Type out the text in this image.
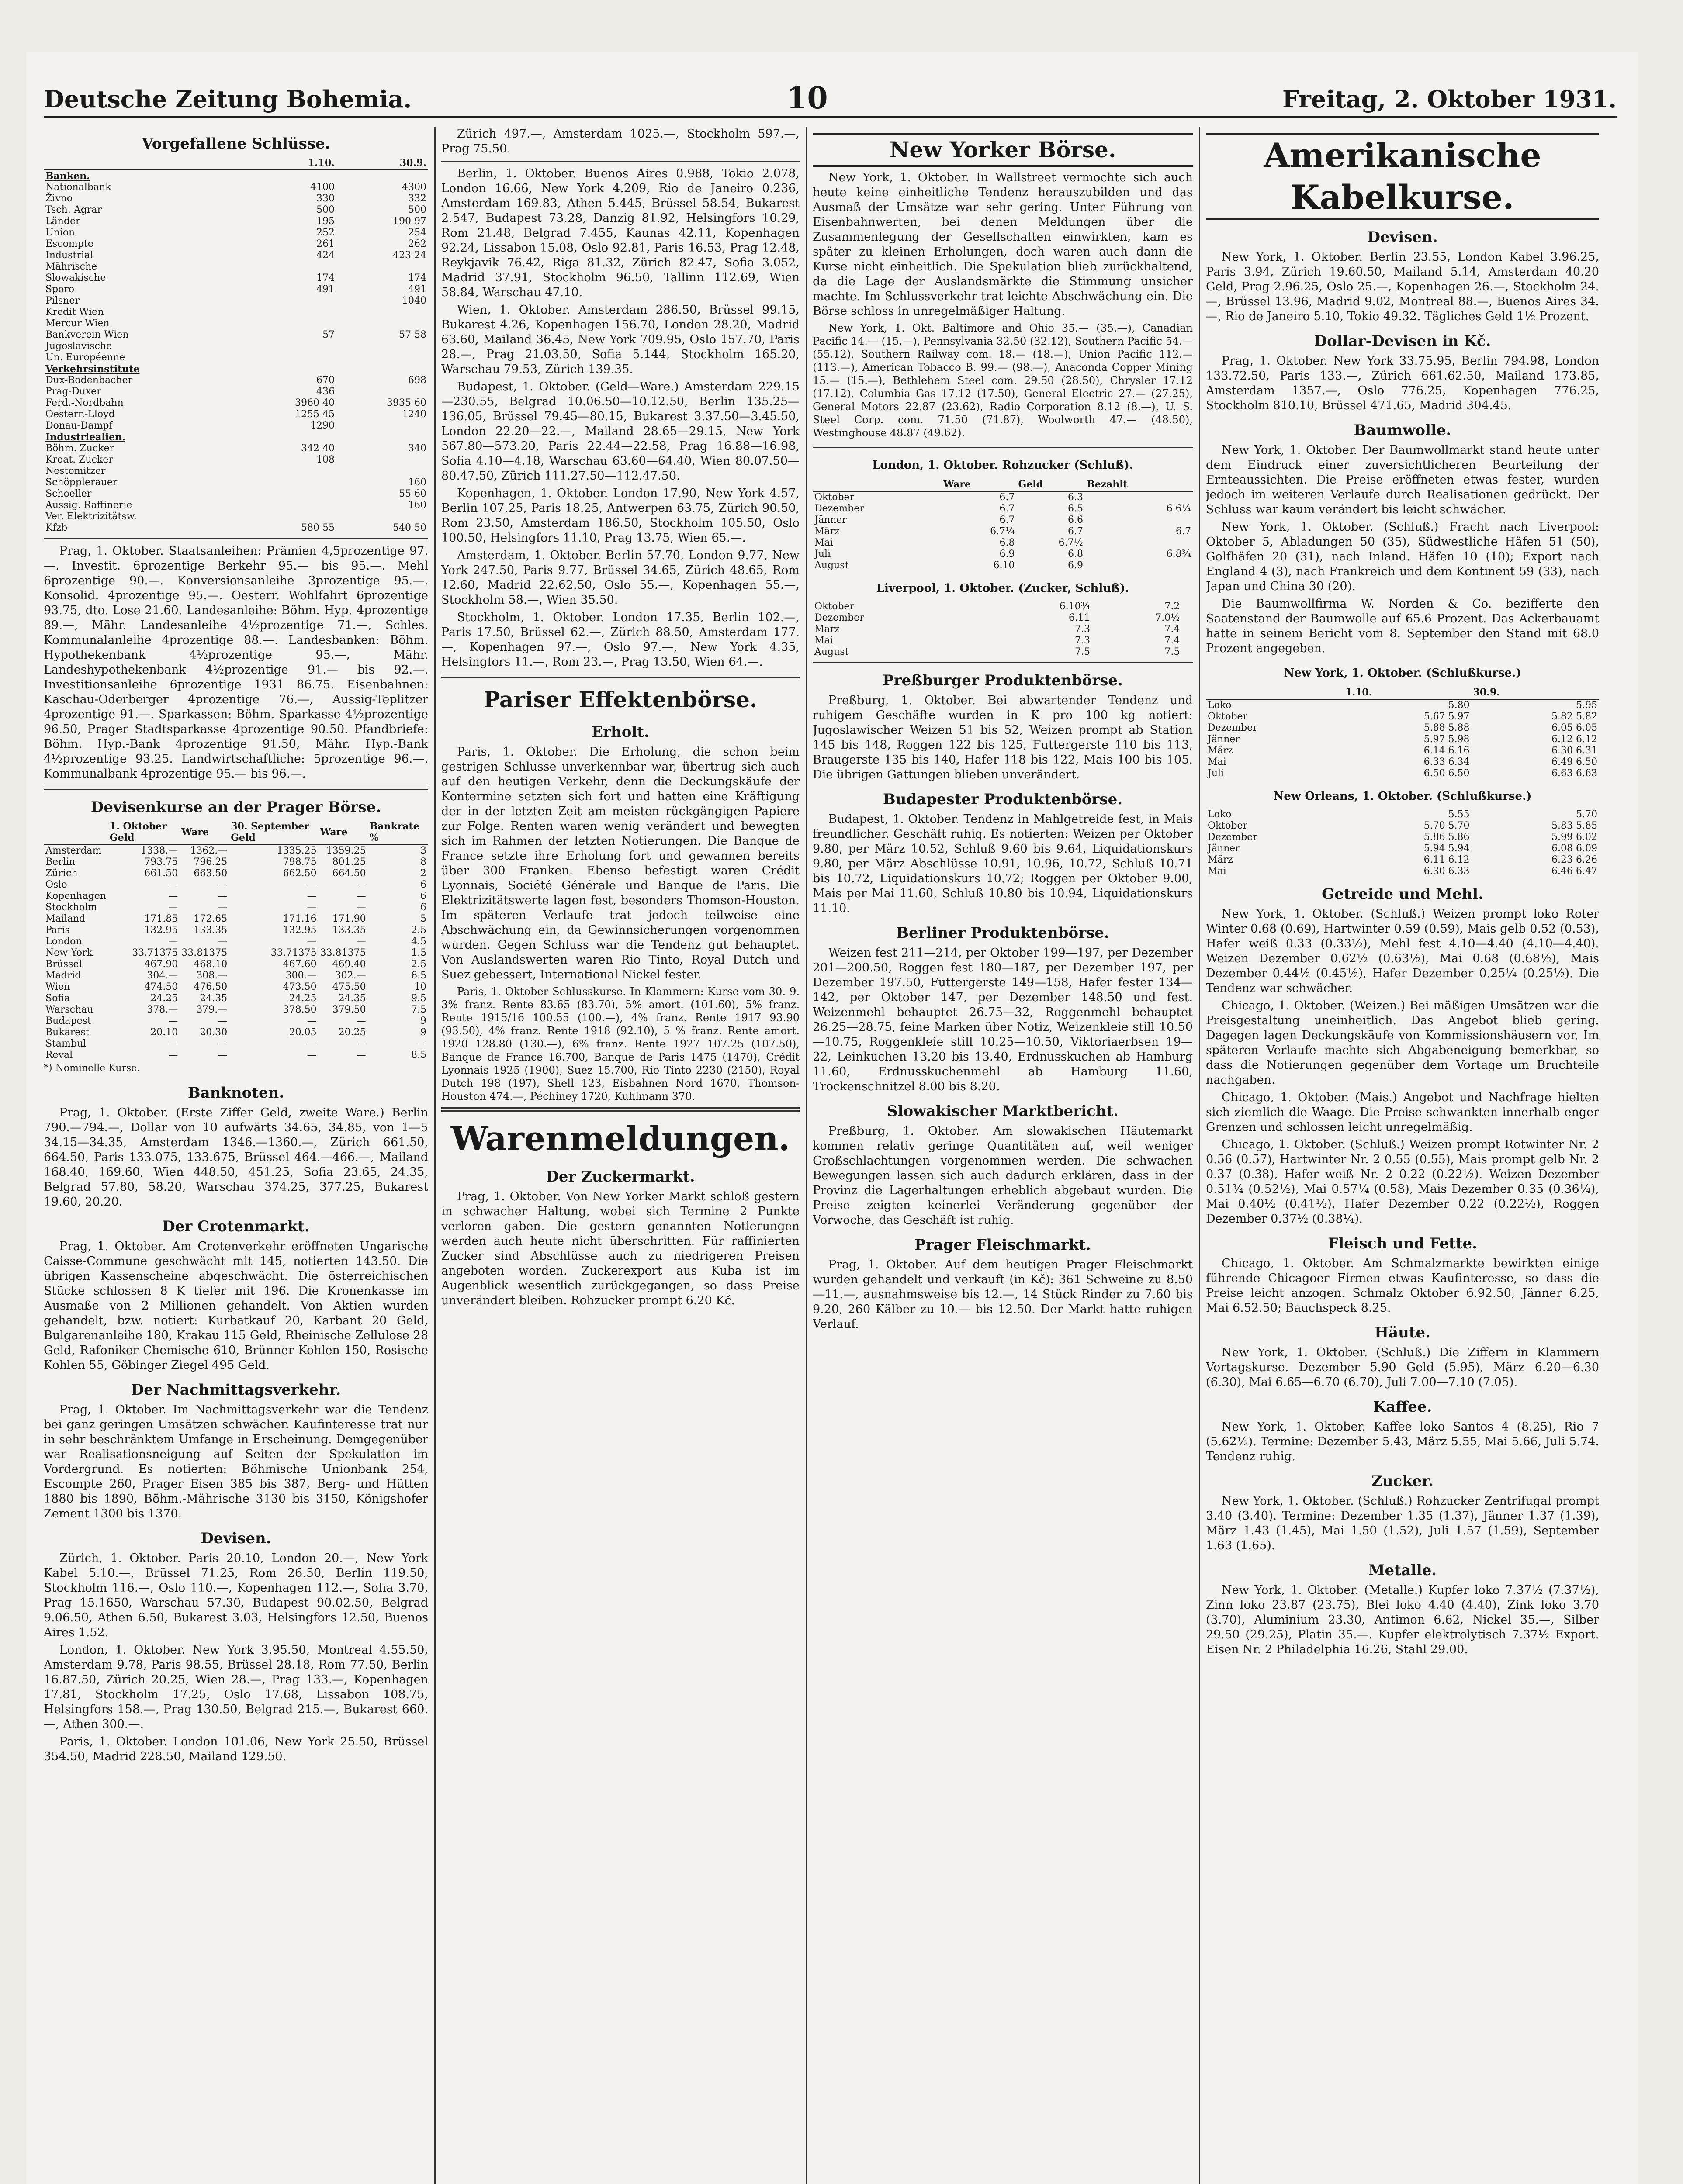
Deutsche Zeitung Bohemia.	10	Freitag, 2. Oktober 1931.
Vorgefallene Schlüsse.
	1.10.	30.9.
Banken.		
Nationalbank	4100	4300
Živno	330	332
Tsch. Agrar	500	500
Länder	195	190 97
Union	252	254
Escompte	261	262
Industrial	424	423 24
Mährische		
Slowakische	174	174
Sporo	491	491
Pilsner		1040
Kredit Wien		
Mercur Wien		
Bankverein Wien	57	57 58
Jugoslavische		
Un. Européenne		
Verkehrsinstitute		
Dux-Bodenbacher	670	698
Prag-Duxer	436	
Ferd.-Nordbahn	3960 40	3935 60
Oesterr.-Lloyd	1255 45	1240
Donau-Dampf	1290	
Industriealien.		
Böhm. Zucker	342 40	340
Kroat. Zucker	108	
Nestomitzer		
Schöpplerauer		160
Schoeller		55 60
Aussig. Raffinerie		160
Ver. Elektrizitätsw.		
Kfzb	580 55	540 50

Prag, 1. Oktober. Staatsanleihen: Prämien 4,5prozentige 97.—. Investit. 6prozentige Berkehr 95.— bis 95.—. Mehl 6prozentige 90.—. Konversionsanleihe 3prozentige 95.—. Konsolid. 4prozentige 95.—. Oesterr. Wohlfahrt 6prozentige 93.75, dto. Lose 21.60. Landesanleihe: Böhm. Hyp. 4prozentige 89.—, Mähr. Landesanleihe 4½prozentige 71.—, Schles. Kommunalanleihe 4prozentige 88.—. Landesbanken: Böhm. Hypothekenbank 4½prozentige 95.—, Mähr. Landeshypothekenbank 4½prozentige 91.— bis 92.—. Investitionsanleihe 6prozentige 1931 86.75. Eisenbahnen: Kaschau-Oderberger 4prozentige 76.—, Aussig-Teplitzer 4prozentige 91.—. Sparkassen: Böhm. Sparkasse 4½prozentige 96.50, Prager Stadtsparkasse 4prozentige 90.50. Pfandbriefe: Böhm. Hyp.-Bank 4prozentige 91.50, Mähr. Hyp.-Bank 4½prozentige 93.25. Landwirtschaftliche: 5prozentige 96.—. Kommunalbank 4prozentige 95.— bis 96.—.

Devisenkurse an der Prager Börse.
	1. Oktober Geld	Ware	30. September Geld	Ware	Bankrate %
Amsterdam	1338.—	1362.—	1335.25	1359.25	3
Berlin	793.75	796.25	798.75	801.25	8
Zürich	661.50	663.50	662.50	664.50	2
Oslo	—	—	—	—	6
Kopenhagen	—	—	—	—	6
Stockholm	—	—	—	—	6
Mailand	171.85	172.65	171.16	171.90	5
Paris	132.95	133.35	132.95	133.35	2.5
London	—	—	—	—	4.5
New York	33.71375	33.81375	33.71375	33.81375	1.5
Brüssel	467.90	468.10	467.60	469.40	2.5
Madrid	304.—	308.—	300.—	302.—	6.5
Wien	474.50	476.50	473.50	475.50	10
Sofia	24.25	24.35	24.25	24.35	9.5
Warschau	378.—	379.—	378.50	379.50	7.5
Budapest	—	—	—	—	9
Bukarest	20.10	20.30	20.05	20.25	9
Stambul	—	—	—	—	—
Reval	—	—	—	—	8.5
*) Nominelle Kurse.
Banknoten.

Prag, 1. Oktober. (Erste Ziffer Geld, zweite Ware.) Berlin 790.—794.—, Dollar von 10 aufwärts 34.65, 34.85, von 1—5 34.15—34.35, Amsterdam 1346.—1360.—, Zürich 661.50, 664.50, Paris 133.075, 133.675, Brüssel 464.—466.—, Mailand 168.40, 169.60, Wien 448.50, 451.25, Sofia 23.65, 24.35, Belgrad 57.80, 58.20, Warschau 374.25, 377.25, Bukarest 19.60, 20.20.

Der Crotenmarkt.

Prag, 1. Oktober. Am Crotenverkehr eröffneten Ungarische Caisse-Commune geschwächt mit 145, notierten 143.50. Die übrigen Kassenscheine abgeschwächt. Die österreichischen Stücke schlossen 8 K tiefer mit 196. Die Kronenkasse im Ausmaße von 2 Millionen gehandelt. Von Aktien wurden gehandelt, bzw. notiert: Kurbatkauf 20, Karbant 20 Geld, Bulgarenanleihe 180, Krakau 115 Geld, Rheinische Zellulose 28 Geld, Rafoniker Chemische 610, Brünner Kohlen 150, Rosische Kohlen 55, Göbinger Ziegel 495 Geld.

Der Nachmittagsverkehr.

Prag, 1. Oktober. Im Nachmittagsverkehr war die Tendenz bei ganz geringen Umsätzen schwächer. Kaufinteresse trat nur in sehr beschränktem Umfange in Erscheinung. Demgegenüber war Realisationsneigung auf Seiten der Spekulation im Vordergrund. Es notierten: Böhmische Unionbank 254, Escompte 260, Prager Eisen 385 bis 387, Berg- und Hütten 1880 bis 1890, Böhm.-Mährische 3130 bis 3150, Königshofer Zement 1300 bis 1370.

Devisen.

Zürich, 1. Oktober. Paris 20.10, London 20.—, New York Kabel 5.10.—, Brüssel 71.25, Rom 26.50, Berlin 119.50, Stockholm 116.—, Oslo 110.—, Kopenhagen 112.—, Sofia 3.70, Prag 15.1650, Warschau 57.30, Budapest 90.02.50, Belgrad 9.06.50, Athen 6.50, Bukarest 3.03, Helsingfors 12.50, Buenos Aires 1.52.

London, 1. Oktober. New York 3.95.50, Montreal 4.55.50, Amsterdam 9.78, Paris 98.55, Brüssel 28.18, Rom 77.50, Berlin 16.87.50, Zürich 20.25, Wien 28.—, Prag 133.—, Kopenhagen 17.81, Stockholm 17.25, Oslo 17.68, Lissabon 108.75, Helsingfors 158.—, Prag 130.50, Belgrad 215.—, Bukarest 660.—, Athen 300.—.

Paris, 1. Oktober. London 101.06, New York 25.50, Brüssel 354.50, Madrid 228.50, Mailand 129.50.

Zürich 497.—, Amsterdam 1025.—, Stockholm 597.—, Prag 75.50.

Berlin, 1. Oktober. Buenos Aires 0.988, Tokio 2.078, London 16.66, New York 4.209, Rio de Janeiro 0.236, Amsterdam 169.83, Athen 5.445, Brüssel 58.54, Bukarest 2.547, Budapest 73.28, Danzig 81.92, Helsingfors 10.29, Rom 21.48, Belgrad 7.455, Kaunas 42.11, Kopenhagen 92.24, Lissabon 15.08, Oslo 92.81, Paris 16.53, Prag 12.48, Reykjavik 76.42, Riga 81.32, Zürich 82.47, Sofia 3.052, Madrid 37.91, Stockholm 96.50, Tallinn 112.69, Wien 58.84, Warschau 47.10.

Wien, 1. Oktober. Amsterdam 286.50, Brüssel 99.15, Bukarest 4.26, Kopenhagen 156.70, London 28.20, Madrid 63.60, Mailand 36.45, New York 709.95, Oslo 157.70, Paris 28.—, Prag 21.03.50, Sofia 5.144, Stockholm 165.20, Warschau 79.53, Zürich 139.35.

Budapest, 1. Oktober. (Geld—Ware.) Amsterdam 229.15—230.55, Belgrad 10.06.50—10.12.50, Berlin 135.25—136.05, Brüssel 79.45—80.15, Bukarest 3.37.50—3.45.50, London 22.20—22.—, Mailand 28.65—29.15, New York 567.80—573.20, Paris 22.44—22.58, Prag 16.88—16.98, Sofia 4.10—4.18, Warschau 63.60—64.40, Wien 80.07.50—80.47.50, Zürich 111.27.50—112.47.50.

Kopenhagen, 1. Oktober. London 17.90, New York 4.57, Berlin 107.25, Paris 18.25, Antwerpen 63.75, Zürich 90.50, Rom 23.50, Amsterdam 186.50, Stockholm 105.50, Oslo 100.50, Helsingfors 11.10, Prag 13.75, Wien 65.—.

Amsterdam, 1. Oktober. Berlin 57.70, London 9.77, New York 247.50, Paris 9.77, Brüssel 34.65, Zürich 48.65, Rom 12.60, Madrid 22.62.50, Oslo 55.—, Kopenhagen 55.—, Stockholm 58.—, Wien 35.50.

Stockholm, 1. Oktober. London 17.35, Berlin 102.—, Paris 17.50, Brüssel 62.—, Zürich 88.50, Amsterdam 177.—, Kopenhagen 97.—, Oslo 97.—, New York 4.35, Helsingfors 11.—, Rom 23.—, Prag 13.50, Wien 64.—.

Pariser Effektenbörse.
Erholt.

Paris, 1. Oktober. Die Erholung, die schon beim gestrigen Schlusse unverkennbar war, übertrug sich auch auf den heutigen Verkehr, denn die Deckungskäufe der Kontermine setzten sich fort und hatten eine Kräftigung der in der letzten Zeit am meisten rückgängigen Papiere zur Folge. Renten waren wenig verändert und bewegten sich im Rahmen der letzten Notierungen. Die Banque de France setzte ihre Erholung fort und gewannen bereits über 300 Franken. Ebenso befestigt waren Crédit Lyonnais, Société Générale und Banque de Paris. Die Elektrizitätswerte lagen fest, besonders Thomson-Houston. Im späteren Verlaufe trat jedoch teilweise eine Abschwächung ein, da Gewinnsicherungen vorgenommen wurden. Gegen Schluss war die Tendenz gut behauptet. Von Auslandswerten waren Rio Tinto, Royal Dutch und Suez gebessert, International Nickel fester.

Paris, 1. Oktober Schlusskurse. In Klammern: Kurse vom 30. 9. 3% franz. Rente 83.65 (83.70), 5% amort. (101.60), 5% franz. Rente 1915/16 100.55 (100.—), 4% franz. Rente 1917 93.90 (93.50), 4% franz. Rente 1918 (92.10), 5 % franz. Rente amort. 1920 128.80 (130.—), 6% franz. Rente 1927 107.25 (107.50), Banque de France 16.700, Banque de Paris 1475 (1470), Crédit Lyonnais 1925 (1900), Suez 15.700, Rio Tinto 2230 (2150), Royal Dutch 198 (197), Shell 123, Eisbahnen Nord 1670, Thomson-Houston 474.—, Péchiney 1720, Kuhlmann 370.

Warenmeldungen.
Der Zuckermarkt.

Prag, 1. Oktober. Von New Yorker Markt schloß gestern in schwacher Haltung, wobei sich Termine 2 Punkte verloren gaben. Die gestern genannten Notierungen werden auch heute nicht überschritten. Für raffinierten Zucker sind Abschlüsse auch zu niedrigeren Preisen angeboten worden. Zuckerexport aus Kuba ist im Augenblick wesentlich zurückgegangen, so dass Preise unverändert bleiben. Rohzucker prompt 6.20 Kč.

New Yorker Börse.

New York, 1. Oktober. In Wallstreet vermochte sich auch heute keine einheitliche Tendenz herauszubilden und das Ausmaß der Umsätze war sehr gering. Unter Führung von Eisenbahnwerten, bei denen Meldungen über die Zusammenlegung der Gesellschaften einwirkten, kam es später zu kleinen Erholungen, doch waren auch dann die Kurse nicht einheitlich. Die Spekulation blieb zurückhaltend, da die Lage der Auslandsmärkte die Stimmung unsicher machte. Im Schlussverkehr trat leichte Abschwächung ein. Die Börse schloss in unregelmäßiger Haltung.

New York, 1. Okt. Baltimore and Ohio 35.— (35.—), Canadian Pacific 14.— (15.—), Pennsylvania 32.50 (32.12), Southern Pacific 54.— (55.12), Southern Railway com. 18.— (18.—), Union Pacific 112.— (113.—), American Tobacco B. 99.— (98.—), Anaconda Copper Mining 15.— (15.—), Bethlehem Steel com. 29.50 (28.50), Chrysler 17.12 (17.12), Columbia Gas 17.12 (17.50), General Electric 27.— (27.25), General Motors 22.87 (23.62), Radio Corporation 8.12 (8.—), U. S. Steel Corp. com. 71.50 (71.87), Woolworth 47.— (48.50), Westinghouse 48.87 (49.62).

London, 1. Oktober. Rohzucker (Schluß).
	Ware	Geld	Bezahlt
Oktober	6.7	6.3	
Dezember	6.7	6.5	6.6¼
Jänner	6.7	6.6	
März	6.7¼	6.7	6.7
Mai	6.8	6.7½	
Juli	6.9	6.8	6.8¾
August	6.10	6.9	
Liverpool, 1. Oktober. (Zucker, Schluß).
Oktober	6.10¾	7.2	
Dezember	6.11	7.0½	
März	7.3	7.4	
Mai	7.3	7.4	
August	7.5	7.5	
Preßburger Produktenbörse.

Preßburg, 1. Oktober. Bei abwartender Tendenz und ruhigem Geschäfte wurden in K pro 100 kg notiert: Jugoslawischer Weizen 51 bis 52, Weizen prompt ab Station 145 bis 148, Roggen 122 bis 125, Futtergerste 110 bis 113, Braugerste 135 bis 140, Hafer 118 bis 122, Mais 100 bis 105. Die übrigen Gattungen blieben unverändert.

Budapester Produktenbörse.

Budapest, 1. Oktober. Tendenz in Mahlgetreide fest, in Mais freundlicher. Geschäft ruhig. Es notierten: Weizen per Oktober 9.80, per März 10.52, Schluß 9.60 bis 9.64, Liquidationskurs 9.80, per März Abschlüsse 10.91, 10.96, 10.72, Schluß 10.71 bis 10.72, Liquidationskurs 10.72; Roggen per Oktober 9.00, Mais per Mai 11.60, Schluß 10.80 bis 10.94, Liquidationskurs 11.10.

Berliner Produktenbörse.

Weizen fest 211—214, per Oktober 199—197, per Dezember 201—200.50, Roggen fest 180—187, per Dezember 197, per Dezember 197.50, Futtergerste 149—158, Hafer fester 134—142, per Oktober 147, per Dezember 148.50 und fest. Weizenmehl behauptet 26.75—32, Roggenmehl behauptet 26.25—28.75, feine Marken über Notiz, Weizenkleie still 10.50—10.75, Roggenkleie still 10.25—10.50, Viktoriaerbsen 19—22, Leinkuchen 13.20 bis 13.40, Erdnusskuchen ab Hamburg 11.60, Erdnusskuchenmehl ab Hamburg 11.60, Trockenschnitzel 8.00 bis 8.20.

Slowakischer Marktbericht.

Preßburg, 1. Oktober. Am slowakischen Häutemarkt kommen relativ geringe Quantitäten auf, weil weniger Großschlachtungen vorgenommen werden. Die schwachen Bewegungen lassen sich auch dadurch erklären, dass in der Provinz die Lagerhaltungen erheblich abgebaut wurden. Die Preise zeigten keinerlei Veränderung gegenüber der Vorwoche, das Geschäft ist ruhig.

Prager Fleischmarkt.

Prag, 1. Oktober. Auf dem heutigen Prager Fleischmarkt wurden gehandelt und verkauft (in Kč): 361 Schweine zu 8.50—11.—, ausnahmsweise bis 12.—, 14 Stück Rinder zu 7.60 bis 9.20, 260 Kälber zu 10.— bis 12.50. Der Markt hatte ruhigen Verlauf.

Amerikanische Kabelkurse.
Devisen.

New York, 1. Oktober. Berlin 23.55, London Kabel 3.96.25, Paris 3.94, Zürich 19.60.50, Mailand 5.14, Amsterdam 40.20 Geld, Prag 2.96.25, Oslo 25.—, Kopenhagen 26.—, Stockholm 24.—, Brüssel 13.96, Madrid 9.02, Montreal 88.—, Buenos Aires 34.—, Rio de Janeiro 5.10, Tokio 49.32. Tägliches Geld 1½ Prozent.

Dollar-Devisen in Kč.

Prag, 1. Oktober. New York 33.75.95, Berlin 794.98, London 133.72.50, Paris 133.—, Zürich 661.62.50, Mailand 173.85, Amsterdam 1357.—, Oslo 776.25, Kopenhagen 776.25, Stockholm 810.10, Brüssel 471.65, Madrid 304.45.

Baumwolle.

New York, 1. Oktober. Der Baumwollmarkt stand heute unter dem Eindruck einer zuversichtlicheren Beurteilung der Ernteaussichten. Die Preise eröffneten etwas fester, wurden jedoch im weiteren Verlaufe durch Realisationen gedrückt. Der Schluss war kaum verändert bis leicht schwächer.

New York, 1. Oktober. (Schluß.) Fracht nach Liverpool: Oktober 5, Abladungen 50 (35), Südwestliche Häfen 51 (50), Golfhäfen 20 (31), nach Inland. Häfen 10 (10); Export nach England 4 (3), nach Frankreich und dem Kontinent 59 (33), nach Japan und China 30 (20).

Die Baumwollfirma W. Norden & Co. bezifferte den Saatenstand der Baumwolle auf 65.6 Prozent. Das Ackerbauamt hatte in seinem Bericht vom 8. September den Stand mit 68.0 Prozent angegeben.

New York, 1. Oktober. (Schlußkurse.)
	1.10.	30.9.
Loko	5.80	5.95
Oktober	5.67 5.97	5.82 5.82
Dezember	5.88 5.88	6.05 6.05
Jänner	5.97 5.98	6.12 6.12
März	6.14 6.16	6.30 6.31
Mai	6.33 6.34	6.49 6.50
Juli	6.50 6.50	6.63 6.63
New Orleans, 1. Oktober. (Schlußkurse.)
Loko	5.55	5.70
Oktober	5.70 5.70	5.83 5.85
Dezember	5.86 5.86	5.99 6.02
Jänner	5.94 5.94	6.08 6.09
März	6.11 6.12	6.23 6.26
Mai	6.30 6.33	6.46 6.47
Getreide und Mehl.

New York, 1. Oktober. (Schluß.) Weizen prompt loko Roter Winter 0.68 (0.69), Hartwinter 0.59 (0.59), Mais gelb 0.52 (0.53), Hafer weiß 0.33 (0.33½), Mehl fest 4.10—4.40 (4.10—4.40). Weizen Dezember 0.62½ (0.63½), Mai 0.68 (0.68½), Mais Dezember 0.44½ (0.45½), Hafer Dezember 0.25¼ (0.25½). Die Tendenz war schwächer.

Chicago, 1. Oktober. (Weizen.) Bei mäßigen Umsätzen war die Preisgestaltung uneinheitlich. Das Angebot blieb gering. Dagegen lagen Deckungskäufe von Kommissionshäusern vor. Im späteren Verlaufe machte sich Abgabeneigung bemerkbar, so dass die Notierungen gegenüber dem Vortage um Bruchteile nachgaben.

Chicago, 1. Oktober. (Mais.) Angebot und Nachfrage hielten sich ziemlich die Waage. Die Preise schwankten innerhalb enger Grenzen und schlossen leicht unregelmäßig.

Chicago, 1. Oktober. (Schluß.) Weizen prompt Rotwinter Nr. 2 0.56 (0.57), Hartwinter Nr. 2 0.55 (0.55), Mais prompt gelb Nr. 2 0.37 (0.38), Hafer weiß Nr. 2 0.22 (0.22½). Weizen Dezember 0.51¾ (0.52½), Mai 0.57¼ (0.58), Mais Dezember 0.35 (0.36¼), Mai 0.40½ (0.41½), Hafer Dezember 0.22 (0.22½), Roggen Dezember 0.37½ (0.38¼).

Fleisch und Fette.

Chicago, 1. Oktober. Am Schmalzmarkte bewirkten einige führende Chicagoer Firmen etwas Kaufinteresse, so dass die Preise leicht anzogen. Schmalz Oktober 6.92.50, Jänner 6.25, Mai 6.52.50; Bauchspeck 8.25.

Häute.

New York, 1. Oktober. (Schluß.) Die Ziffern in Klammern Vortagskurse. Dezember 5.90 Geld (5.95), März 6.20—6.30 (6.30), Mai 6.65—6.70 (6.70), Juli 7.00—7.10 (7.05).

Kaffee.

New York, 1. Oktober. Kaffee loko Santos 4 (8.25), Rio 7 (5.62½). Termine: Dezember 5.43, März 5.55, Mai 5.66, Juli 5.74. Tendenz ruhig.

Zucker.

New York, 1. Oktober. (Schluß.) Rohzucker Zentrifugal prompt 3.40 (3.40). Termine: Dezember 1.35 (1.37), Jänner 1.37 (1.39), März 1.43 (1.45), Mai 1.50 (1.52), Juli 1.57 (1.59), September 1.63 (1.65).

Metalle.

New York, 1. Oktober. (Metalle.) Kupfer loko 7.37½ (7.37½), Zinn loko 23.87 (23.75), Blei loko 4.40 (4.40), Zink loko 3.70 (3.70), Aluminium 23.30, Antimon 6.62, Nickel 35.—, Silber 29.50 (29.25), Platin 35.—. Kupfer elektrolytisch 7.37½ Export. Eisen Nr. 2 Philadelphia 16.26, Stahl 29.00.
